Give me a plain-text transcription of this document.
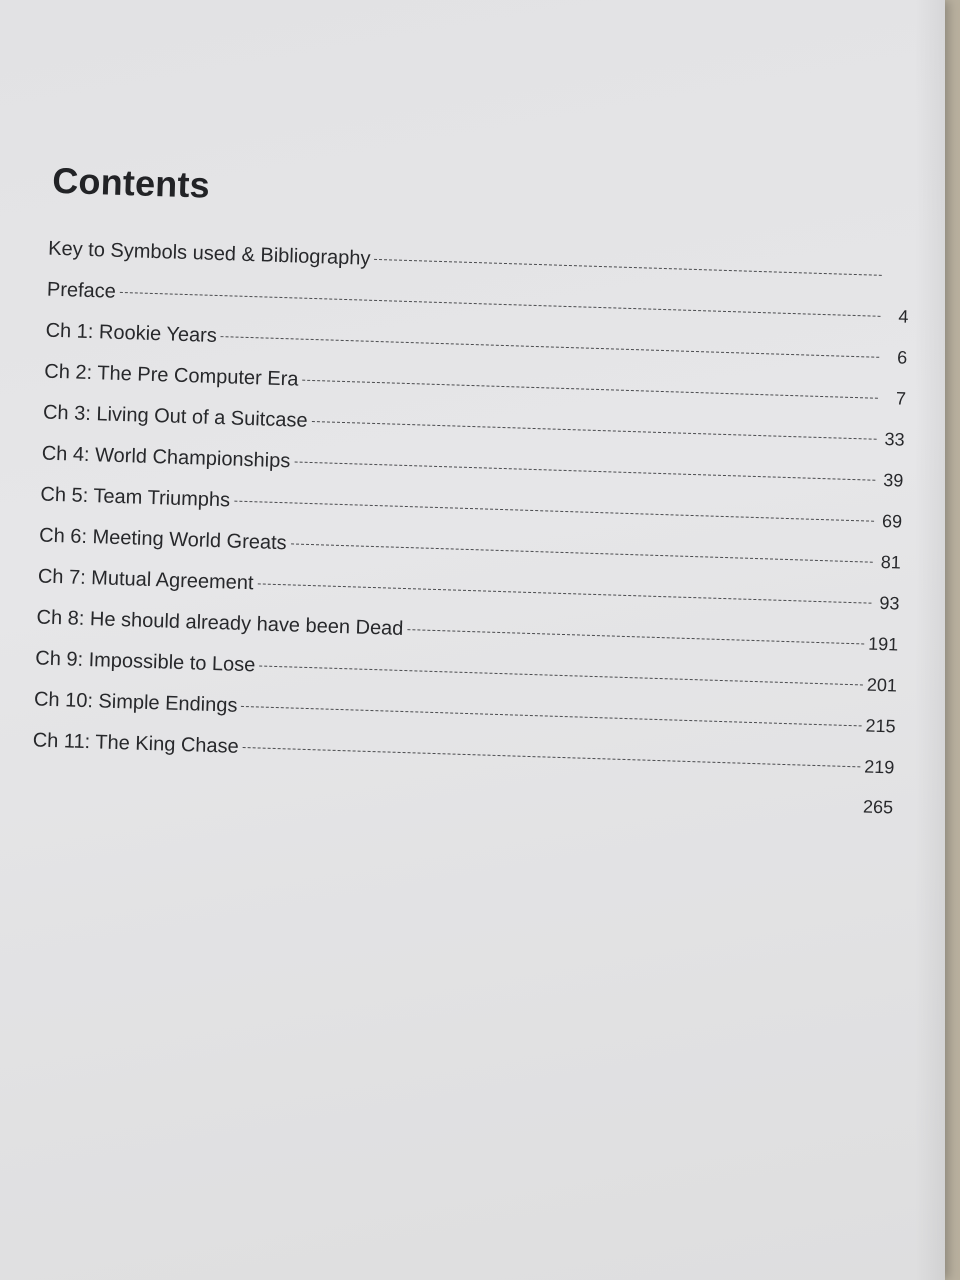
Contents
Key to Symbols used & Bibliography
Preface
4
Ch 1: Rookie Years
6
Ch 2: The Pre Computer Era
7
Ch 3: Living Out of a Suitcase
33
Ch 4: World Championships
39
Ch 5: Team Triumphs
69
Ch 6: Meeting World Greats
81
Ch 7: Mutual Agreement
93
Ch 8: He should already have been Dead
191
Ch 9: Impossible to Lose
201
Ch 10: Simple Endings
215
Ch 11: The King Chase
219
265
